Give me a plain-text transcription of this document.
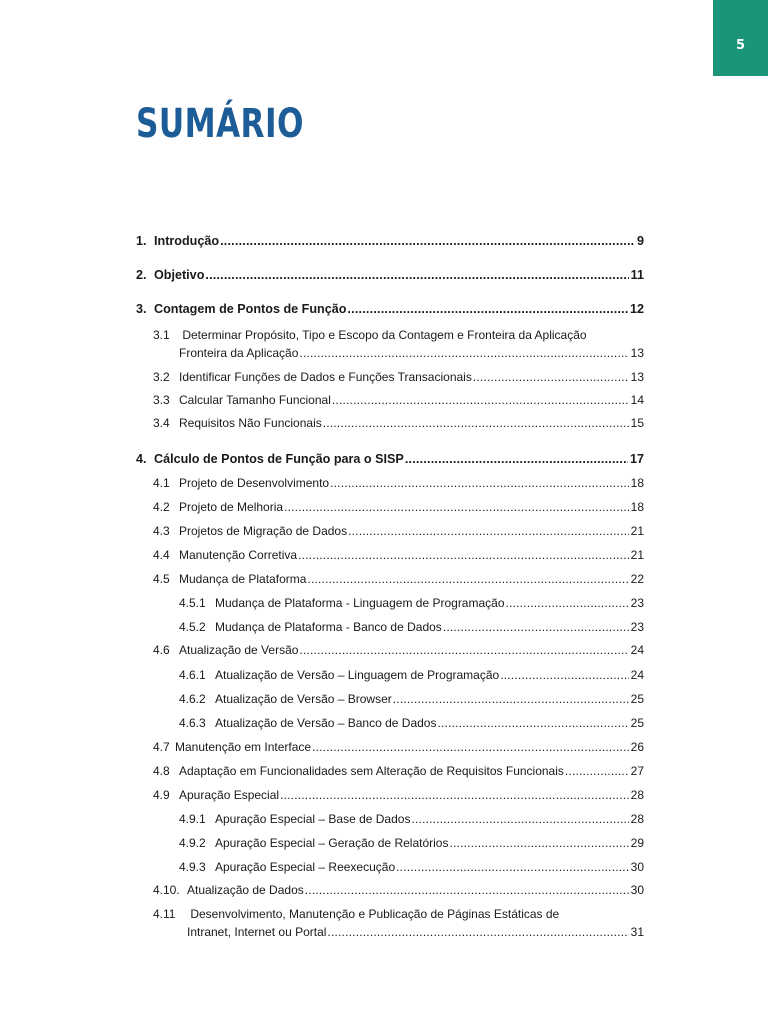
5
SUMÁRIO
1. Introdução .....	9
2. Objetivo .....	11
3. Contagem de Pontos de Função .....	12
3.1 Determinar Propósito, Tipo e Escopo da Contagem e Fronteira da Aplicação
Fronteira da Aplicação .....	13
3.2 Identificar Funções de Dados e Funções Transacionais .....	13
3.3 Calcular Tamanho Funcional .....	14
3.4 Requisitos Não Funcionais .....	15
4. Cálculo de Pontos de Função para o SISP .....	17
4.1 Projeto de Desenvolvimento .....	18
4.2 Projeto de Melhoria .....	18
4.3 Projetos de Migração de Dados .....	21
4.4 Manutenção Corretiva .....	21
4.5 Mudança de Plataforma .....	22
4.5.1 Mudança de Plataforma - Linguagem de Programação .....	23
4.5.2 Mudança de Plataforma - Banco de Dados .....	23
4.6 Atualização de Versão .....	24
4.6.1 Atualização de Versão – Linguagem de Programação .....	24
4.6.2 Atualização de Versão – Browser .....	25
4.6.3 Atualização de Versão – Banco de Dados .....	25
4.7 Manutenção em Interface .....	26
4.8 Adaptação em Funcionalidades sem Alteração de Requisitos Funcionais .....	27
4.9 Apuração Especial .....	28
4.9.1 Apuração Especial – Base de Dados .....	28
4.9.2 Apuração Especial – Geração de Relatórios .....	29
4.9.3 Apuração Especial – Reexecução .....	30
4.10. Atualização de Dados .....	30
4.11 Desenvolvimento, Manutenção e Publicação de Páginas Estáticas de
Intranet, Internet ou Portal .....	31
